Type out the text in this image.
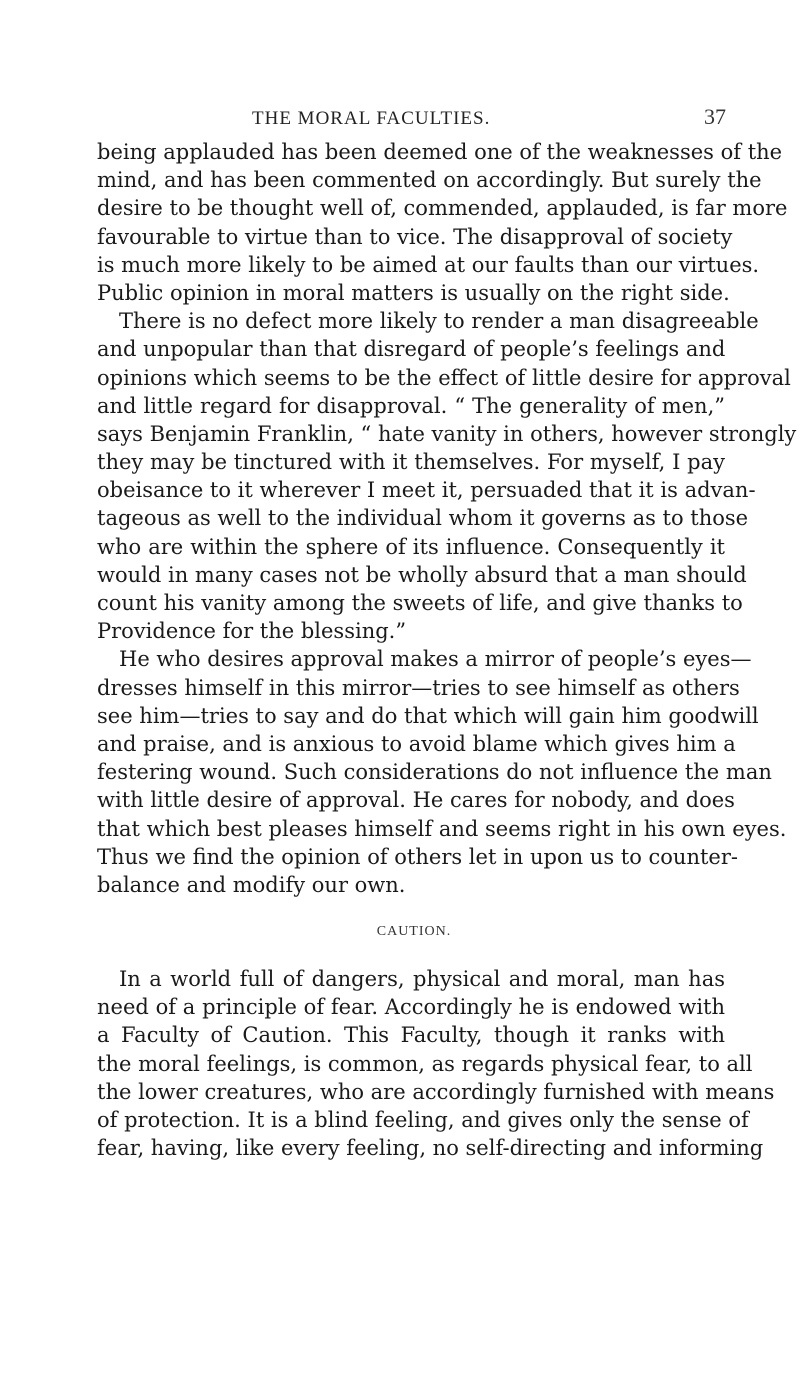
THE MORAL FACULTIES.	37
being applauded has been deemed one of the weaknesses of the
mind, and has been commented on accordingly. But surely the
desire to be thought well of, commended, applauded, is far more
favourable to virtue than to vice. The disapproval of society
is much more likely to be aimed at our faults than our virtues.
Public opinion in moral matters is usually on the right side.
There is no defect more likely to render a man disagreeable
and unpopular than that disregard of people’s feelings and
opinions which seems to be the effect of little desire for approval
and little regard for disapproval. “ The generality of men,”
says Benjamin Franklin, “ hate vanity in others, however strongly
they may be tinctured with it themselves. For myself, I pay
obeisance to it wherever I meet it, persuaded that it is advan-
tageous as well to the individual whom it governs as to those
who are within the sphere of its influence. Consequently it
would in many cases not be wholly absurd that a man should
count his vanity among the sweets of life, and give thanks to
Providence for the blessing.”
He who desires approval makes a mirror of people’s eyes—
dresses himself in this mirror—tries to see himself as others
see him—tries to say and do that which will gain him goodwill
and praise, and is anxious to avoid blame which gives him a
festering wound. Such considerations do not influence the man
with little desire of approval. He cares for nobody, and does
that which best pleases himself and seems right in his own eyes.
Thus we find the opinion of others let in upon us to counter-
balance and modify our own.
CAUTION.
In a world full of dangers, physical and moral, man has
need of a principle of fear. Accordingly he is endowed with
a Faculty of Caution. This Faculty, though it ranks with
the moral feelings, is common, as regards physical fear, to all
the lower creatures, who are accordingly furnished with means
of protection. It is a blind feeling, and gives only the sense of
fear, having, like every feeling, no self-directing and informing
